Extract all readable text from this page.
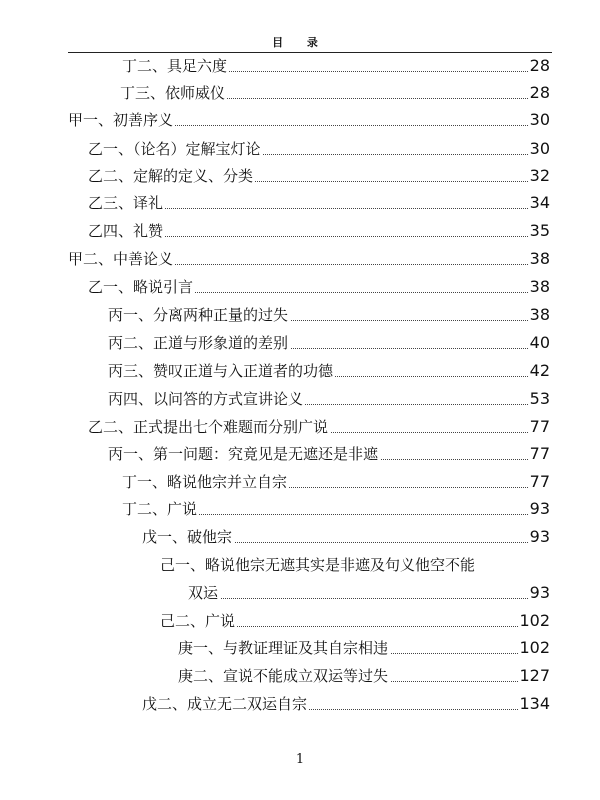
目 录
丁二、具足六度	28
丁三、依师威仪	28
甲一、初善序义	30
乙一、（论名）定解宝灯论	30
乙二、定解的定义、分类	32
乙三、译礼	34
乙四、礼赞	35
甲二、中善论义	38
乙一、略说引言	38
丙一、分离两种正量的过失	38
丙二、正道与形象道的差别	40
丙三、赞叹正道与入正道者的功德	42
丙四、以问答的方式宣讲论义	53
乙二、正式提出七个难题而分别广说	77
丙一、第一问题：究竟见是无遮还是非遮	77
丁一、略说他宗并立自宗	77
丁二、广说	93
戊一、破他宗	93
己一、略说他宗无遮其实是非遮及句义他空不能
双运	93
己二、广说	102
庚一、与教证理证及其自宗相违	102
庚二、宣说不能成立双运等过失	127
戊二、成立无二双运自宗	134
1
